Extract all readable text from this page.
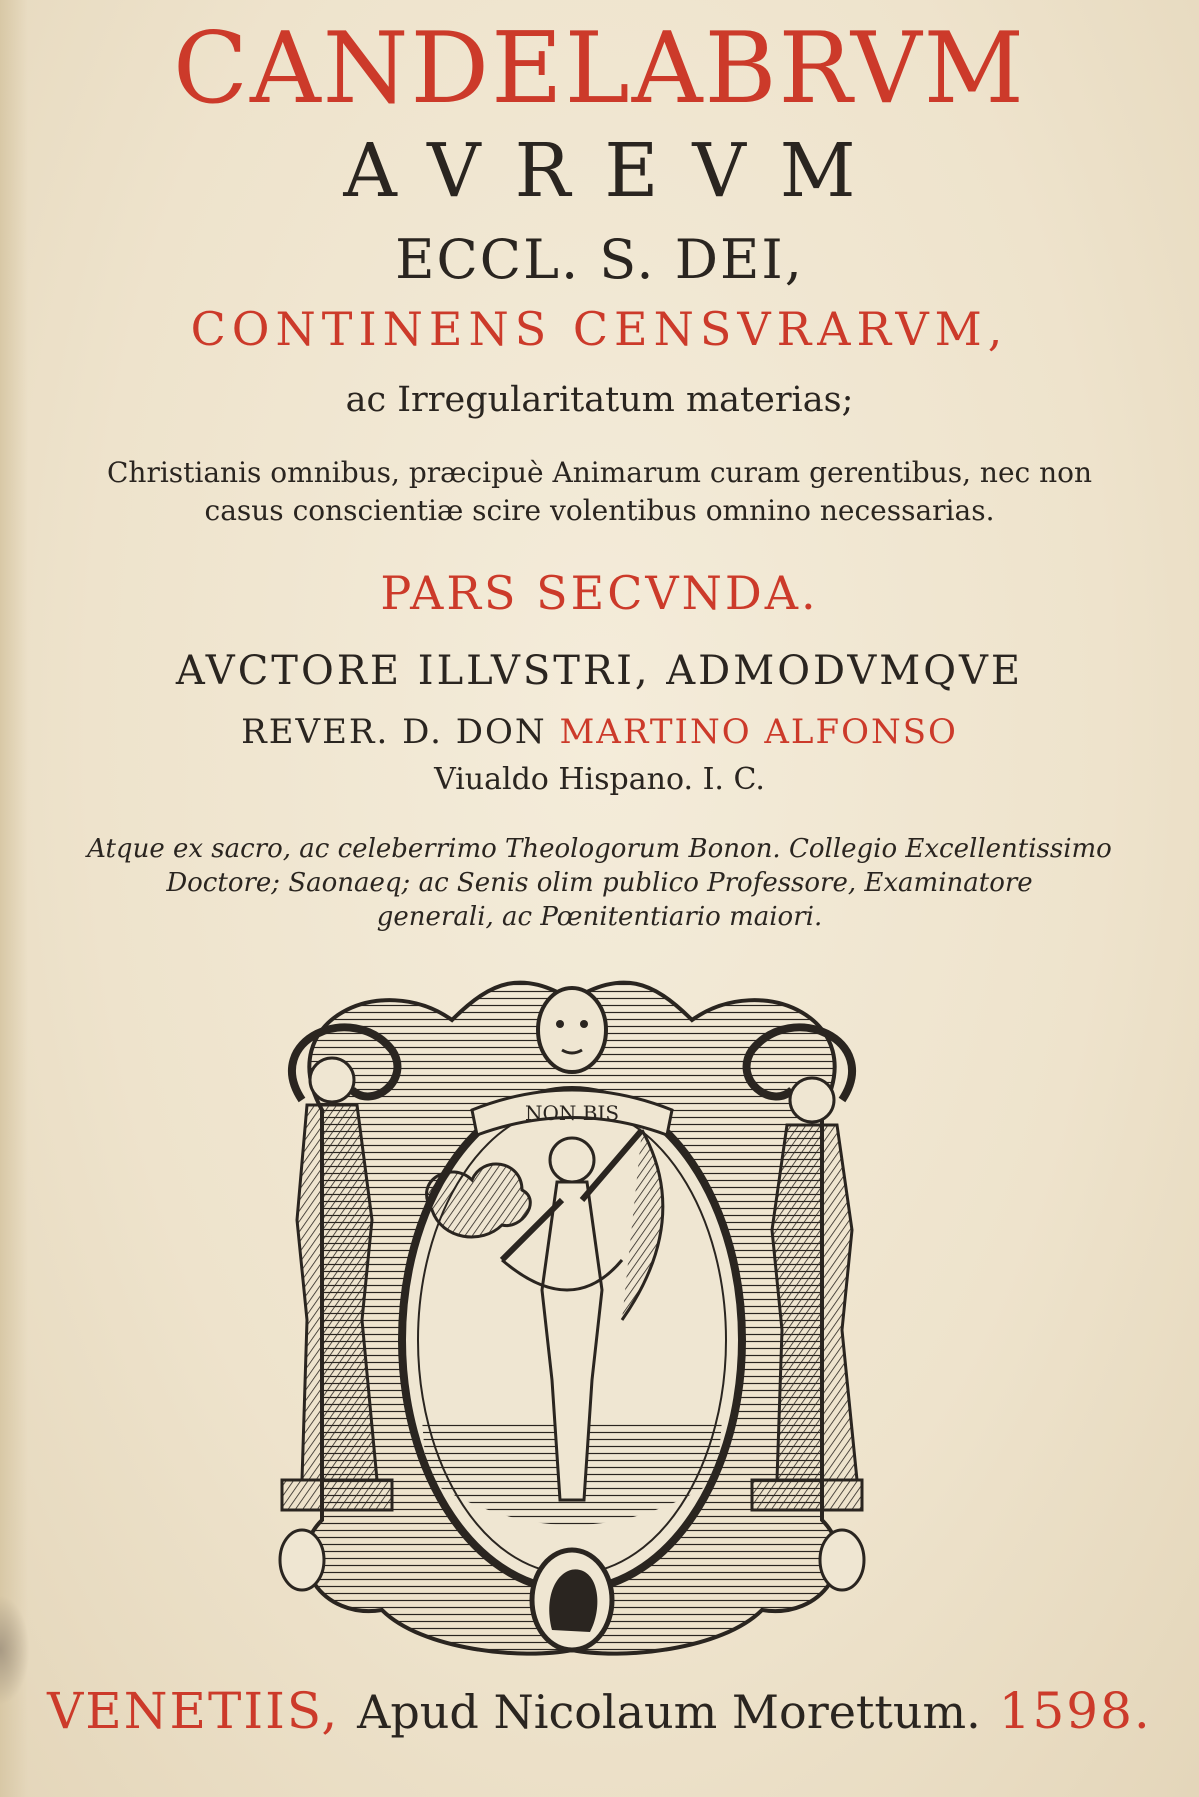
CANDELABRVM
AVREVM
ECCL. S. DEI,
CONTINENS CENSVRARVM,
ac Irregularitatum materias;
Christianis omnibus, præcipuè Animarum curam gerentibus, nec non
casus conscientiæ scire volentibus omnino necessarias.
PARS SECVNDA.
AVCTORE ILLVSTRI, ADMODVMQVE
REVER. D. DON MARTINO ALFONSO
Viualdo Hispano. I. C.
Atque ex sacro, ac celeberrimo Theologorum Bonon. Collegio Excellentissimo
Doctore; Saonaeq; ac Senis olim publico Professore, Examinatore
generali, ac Pœnitentiario maiori.
NON BIS
VENETIIS, Apud Nicolaum Morettum. 1598.
